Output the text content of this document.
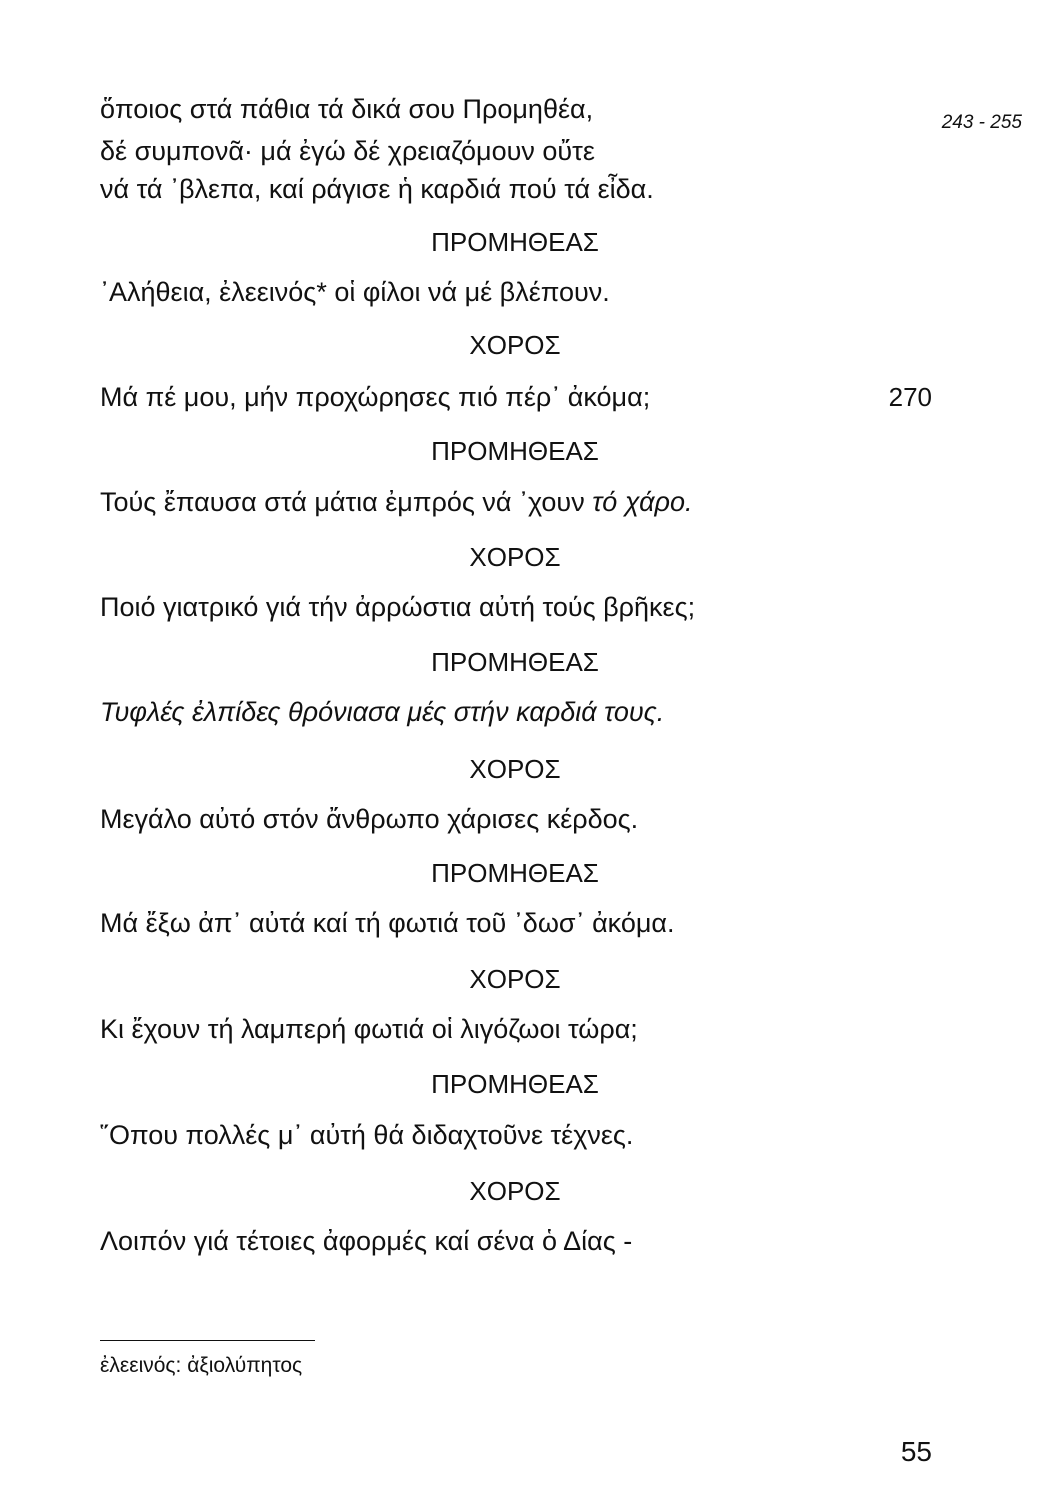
243 - 255
ὅποιος στά πάθια τά δικά σου Προμηθέα,
δέ συμπονᾶ· μά ἐγώ δέ χρειαζόμουν οὔτε
νά τά ᾿βλεπα, καί ράγισε ἡ καρδιά πού τά εἶδα.
ΠΡΟΜΗΘΕΑΣ
᾿Αλήθεια, ἐλεεινός* οἱ φίλοι νά μέ βλέπουν.
ΧΟΡΟΣ
Μά πέ μου, μήν προχώρησες πιό πέρ᾿ ἀκόμα;	270
ΠΡΟΜΗΘΕΑΣ
Τούς ἔπαυσα στά μάτια ἐμπρός νά ᾿χουν τό χάρο.
ΧΟΡΟΣ
Ποιό γιατρικό γιά τήν ἀρρώστια αὐτή τούς βρῆκες;
ΠΡΟΜΗΘΕΑΣ
Τυφλές ἐλπίδες θρόνιασα μές στήν καρδιά τους.
ΧΟΡΟΣ
Μεγάλο αὐτό στόν ἄνθρωπο χάρισες κέρδος.
ΠΡΟΜΗΘΕΑΣ
Μά ἔξω ἀπ᾿ αὐτά καί τή φωτιά τοῦ ᾿δωσ᾿ ἀκόμα.
ΧΟΡΟΣ
Κι ἔχουν τή λαμπερή φωτιά οἱ λιγόζωοι τώρα;
ΠΡΟΜΗΘΕΑΣ
῞Οπου πολλές μ᾿ αὐτή θά διδαχτοῦνε τέχνες.
ΧΟΡΟΣ
Λοιπόν γιά τέτοιες ἀφορμές καί σένα ὁ Δίας -
ἐλεεινός: ἀξιολύπητος
55
